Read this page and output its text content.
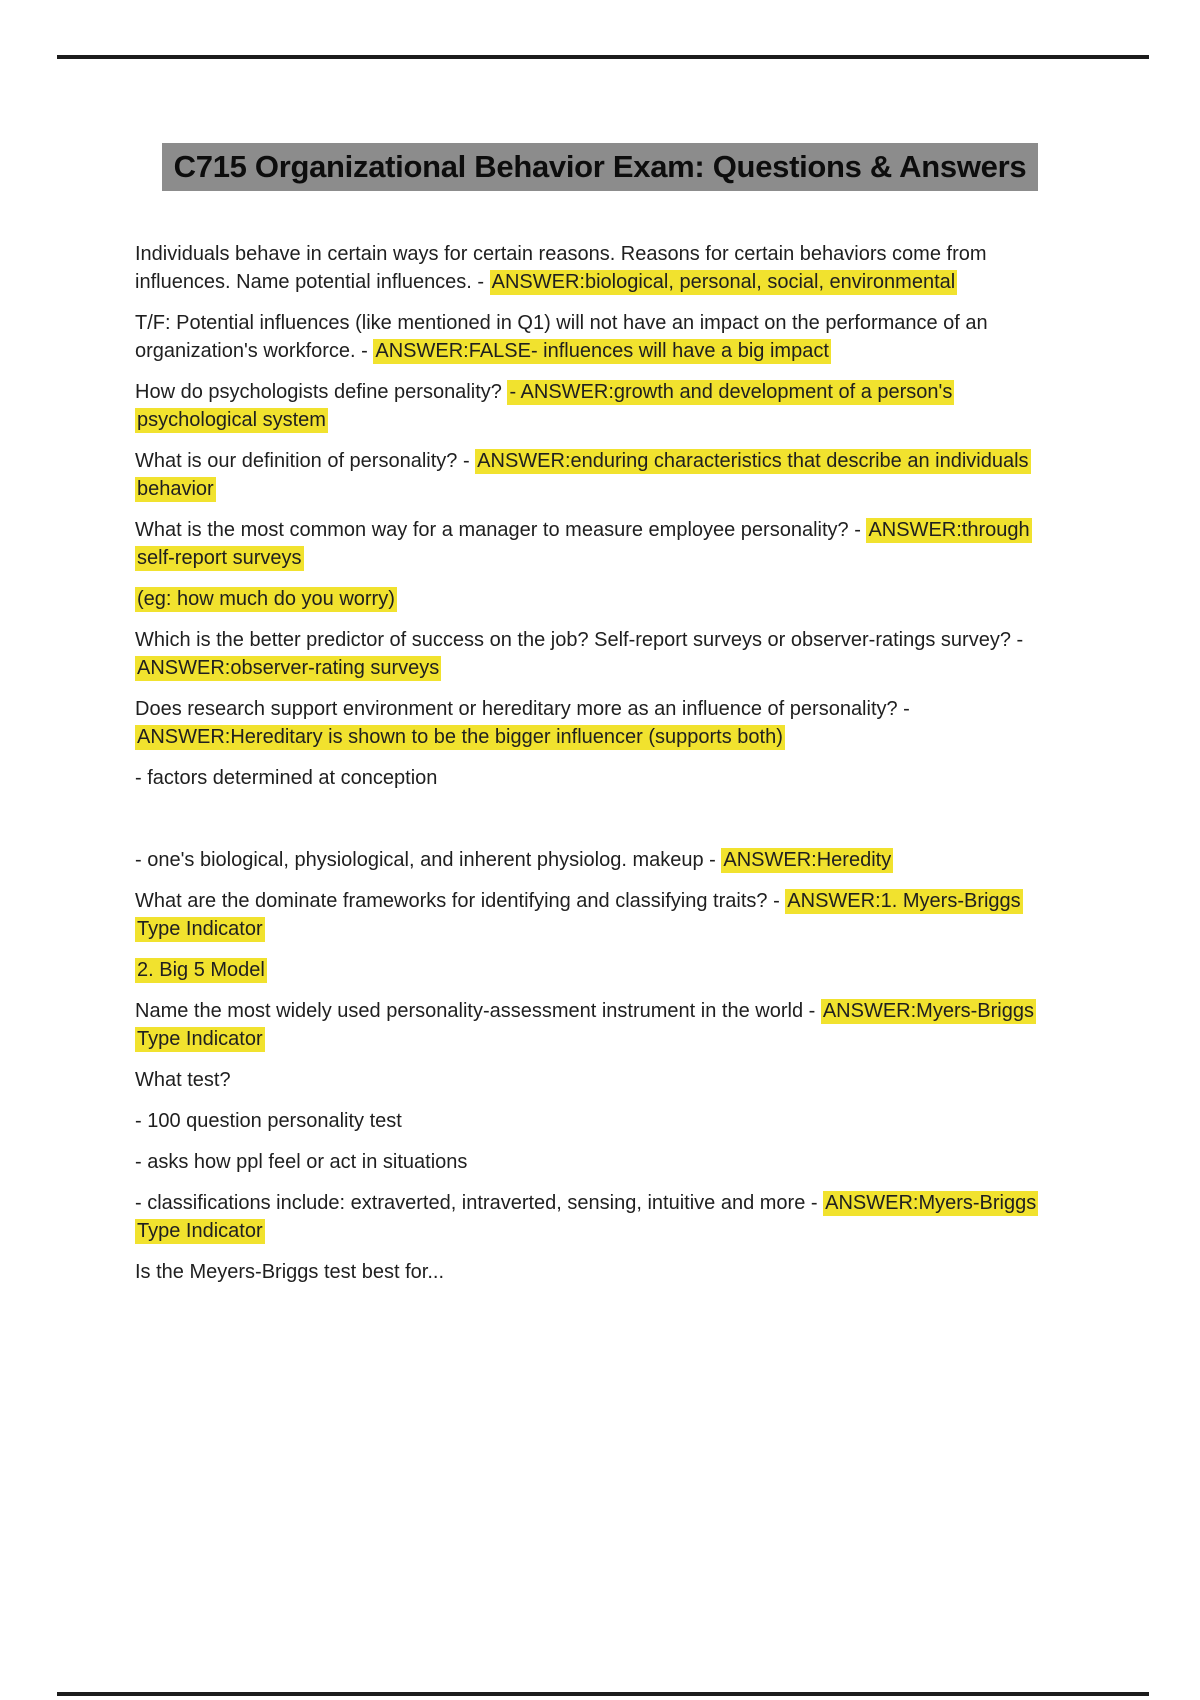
C715 Organizational Behavior Exam: Questions & Answers

Individuals behave in certain ways for certain reasons. Reasons for certain behaviors come from influences. Name potential influences. - ANSWER:biological, personal, social, environmental

T/F: Potential influences (like mentioned in Q1) will not have an impact on the performance of an organization's workforce. - ANSWER:FALSE- influences will have a big impact

How do psychologists define personality? - ANSWER:growth and development of a person's psychological system

What is our definition of personality? - ANSWER:enduring characteristics that describe an individuals behavior

What is the most common way for a manager to measure employee personality? - ANSWER:through self-report surveys

(eg: how much do you worry)

Which is the better predictor of success on the job? Self-report surveys or observer-ratings survey? - ANSWER:observer-rating surveys

Does research support environment or hereditary more as an influence of personality? - ANSWER:Hereditary is shown to be the bigger influencer (supports both)

- factors determined at conception

- one's biological, physiological, and inherent physiolog. makeup - ANSWER:Heredity

What are the dominate frameworks for identifying and classifying traits? - ANSWER:1. Myers-Briggs Type Indicator

2. Big 5 Model

Name the most widely used personality-assessment instrument in the world - ANSWER:Myers-Briggs Type Indicator

What test?

- 100 question personality test

- asks how ppl feel or act in situations

- classifications include: extraverted, intraverted, sensing, intuitive and more - ANSWER:Myers-Briggs Type Indicator

Is the Meyers-Briggs test best for...
